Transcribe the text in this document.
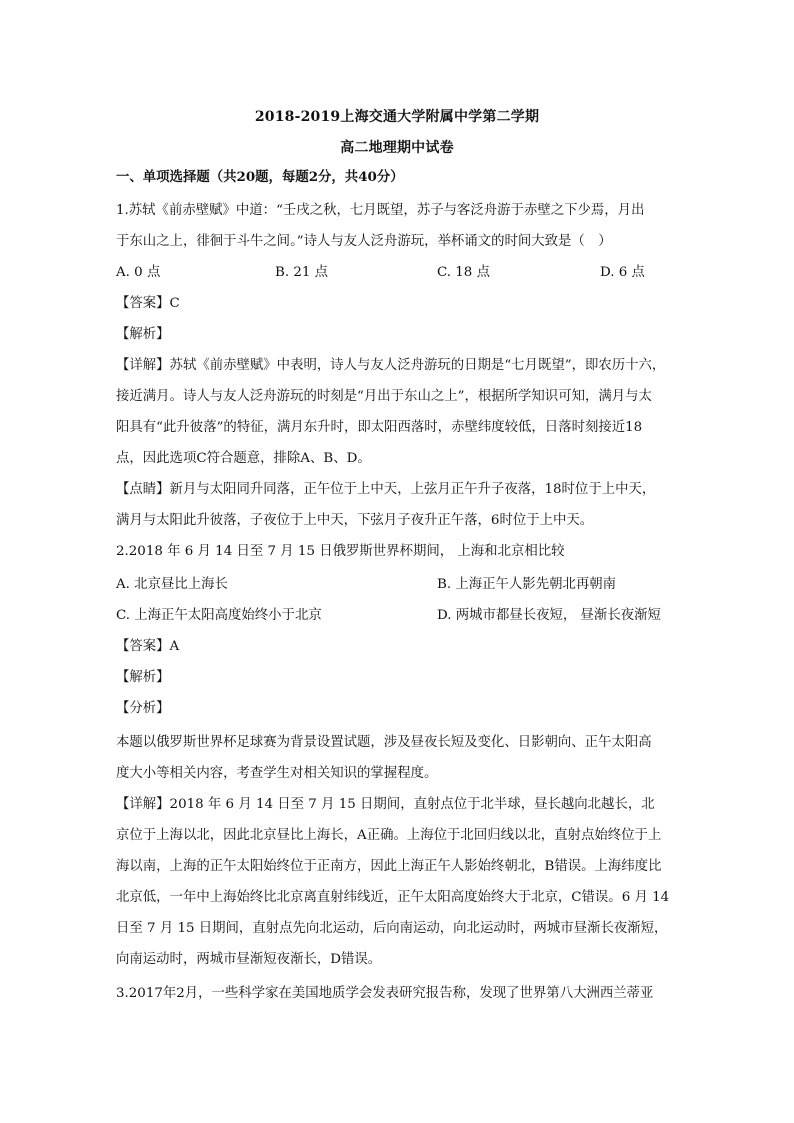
2018-2019上海交通大学附属中学第二学期
高二地理期中试卷
一、单项选择题（共20题，每题2分，共40分）
1.苏轼《前赤壁赋》中道：“壬戌之秋，七月既望，苏子与客泛舟游于赤壁之下少焉，月出
于东山之上，徘徊于斗牛之间。”诗人与友人泛舟游玩，举杯诵文的时间大致是（　）
A. 0 点	B. 21 点	C. 18 点	D. 6 点
【答案】C
【解析】
【详解】苏轼《前赤壁赋》中表明，诗人与友人泛舟游玩的日期是“七月既望”，即农历十六，
接近满月。诗人与友人泛舟游玩的时刻是“月出于东山之上”，根据所学知识可知，满月与太
阳具有“此升彼落”的特征，满月东升时，即太阳西落时，赤壁纬度较低，日落时刻接近18
点，因此选项C符合题意，排除A、B、D。
【点睛】新月与太阳同升同落，正午位于上中天，上弦月正午升子夜落，18时位于上中天，
满月与太阳此升彼落，子夜位于上中天，下弦月子夜升正午落，6时位于上中天。
2.2018 年 6 月 14 日至 7 月 15 日俄罗斯世界杯期间， 上海和北京相比较
A. 北京昼比上海长	B. 上海正午人影先朝北再朝南
C. 上海正午太阳高度始终小于北京	D. 两城市都昼长夜短， 昼渐长夜渐短
【答案】A
【解析】
【分析】
本题以俄罗斯世界杯足球赛为背景设置试题，涉及昼夜长短及变化、日影朝向、正午太阳高
度大小等相关内容，考查学生对相关知识的掌握程度。
【详解】2018 年 6 月 14 日至 7 月 15 日期间，直射点位于北半球，昼长越向北越长，北
京位于上海以北，因此北京昼比上海长，A正确。上海位于北回归线以北，直射点始终位于上
海以南，上海的正午太阳始终位于正南方，因此上海正午人影始终朝北，B错误。上海纬度比
北京低，一年中上海始终比北京离直射纬线近，正午太阳高度始终大于北京，C错误。6 月 14
日至 7 月 15 日期间，直射点先向北运动，后向南运动，向北运动时，两城市昼渐长夜渐短，
向南运动时，两城市昼渐短夜渐长，D错误。
3.2017年2月，一些科学家在美国地质学会发表研究报告称，发现了世界第八大洲西兰蒂亚
